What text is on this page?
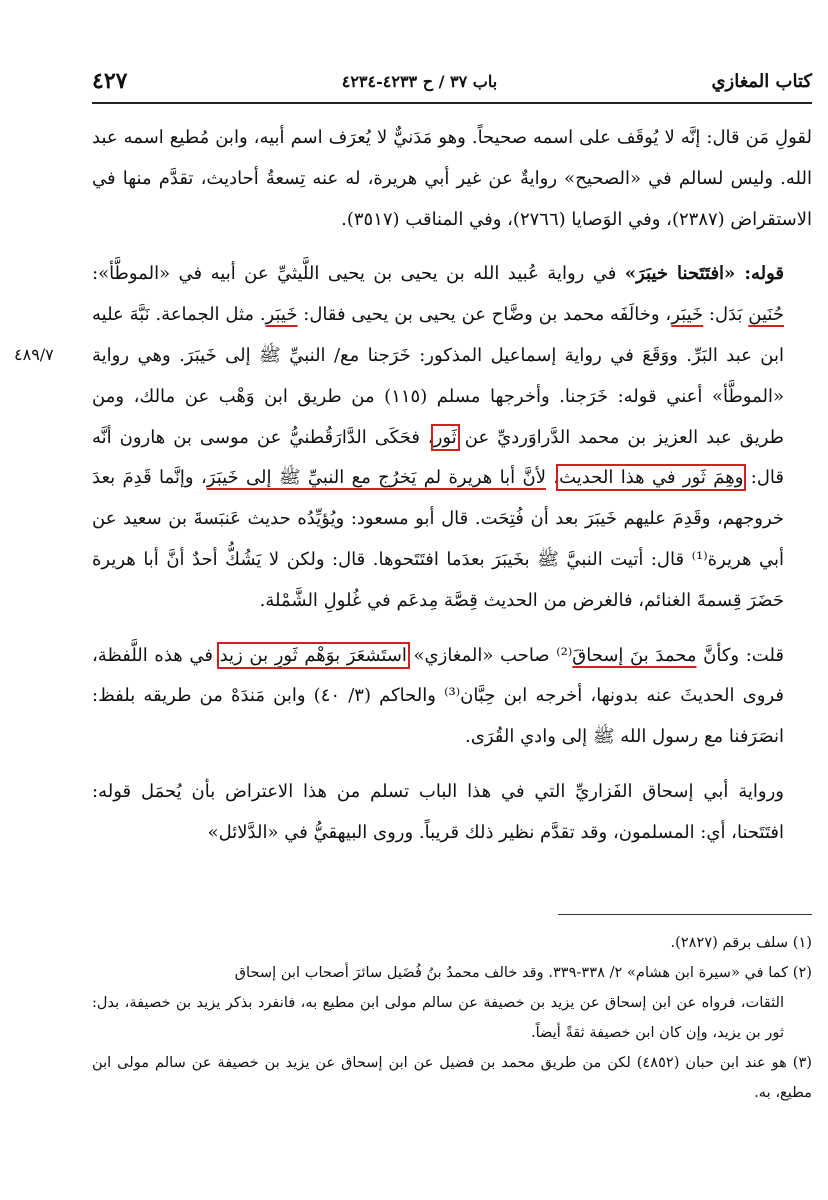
كتاب المغازي
باب ٣٧ / ح ٤٢٣٣-٤٢٣٤
٤٢٧
٤٨٩/٧

لقولِ مَن قال: إنَّه لا يُوقَف على اسمه صحيحاً. وهو مَدَنيٌّ لا يُعرَف اسم أبيه، وابن مُطيع اسمه عبد الله. وليس لسالم في «الصحيح» روايةٌ عن غير أبي هريرة، له عنه تِسعةُ أحاديث، تقدَّم منها في الاستقراض (٢٣٨٧)، وفي الوَصايا (٢٧٦٦)، وفي المناقب (٣٥١٧).

قوله: «افتَتَحنا خيبَرَ» في رواية عُبيد الله بن يحيى بن يحيى اللَّيثيِّ عن أبيه في «الموطَّأ»: حُنَين بَدَل: خَيبَر، وخالَفَه محمد بن وضَّاح عن يحيى بن يحيى فقال: خَيبَر. مثل الجماعة. نَبَّهَ عليه ابن عبد البَرِّ. ووَقَعَ في رواية إسماعيل المذكور: خَرَجنا مع/ النبيِّ ﷺ إلى خَيبَرَ. وهي رواية «الموطَّأ» أعني قوله: خَرَجنا. وأخرجها مسلم (١١٥) من طريق ابن وَهْب عن مالك، ومن طريق عبد العزيز بن محمد الدَّراوَرديِّ عن ثَور، فحَكَى الدَّارَقُطنيُّ عن موسى بن هارون أنَّه قال: وهِمَ ثَور في هذا الحديث، لأنَّ أبا هريرة لم يَخرُج مع النبيِّ ﷺ إلى خَيبَرَ، وإنَّما قَدِمَ بعدَ خروجهم، وقَدِمَ عليهم خَيبَرَ بعد أن فُتِحَت. قال أبو مسعود: ويُؤيِّدُه حديث عَنبَسةَ بن سعيد عن أبي هريرة⁽¹⁾ قال: أتيت النبيَّ ﷺ بخَيبَرَ بعدَما افتَتَحوها. قال: ولكن لا يَشُكُّ أحدٌ أنَّ أبا هريرة حَضَرَ قِسمةَ الغنائم، فالغرض من الحديث قِصَّة مِدعَم في غُلولِ الشَّمْلة.

قلت: وكأنَّ محمدَ بنَ إسحاقَ⁽²⁾ صاحب «المغازي» استَشعَرَ بوَهْمِ ثَورِ بن زيد في هذه اللَّفظة، فروى الحديثَ عنه بدونها، أخرجه ابن حِبَّان⁽³⁾ والحاكم (٣/ ٤٠) وابن مَندَهْ من طريقه بلفظ: انصَرَفنا مع رسول الله ﷺ إلى وادي القُرَى.

ورواية أبي إسحاق الفَزاريِّ التي في هذا الباب تسلم من هذا الاعتراض بأن يُحمَل قوله: افتَتَحنا، أي: المسلمون، وقد تقدَّم نظير ذلك قريباً. وروى البيهقيُّ في «الدَّلائل»

(١) سلف برقم (٢٨٢٧).

(٢) كما في «سيرة ابن هشام» ٢/ ٣٣٨-٣٣٩. وقد خالف محمدُ بنُ فُضَيل سائرَ أصحاب ابن إسحاق

الثقات، فرواه عن ابن إسحاق عن يزيد بن خصيفة عن سالم مولى ابن مطيع به، فانفرد بذكر يزيد بن خصيفة، بدل: ثور بن يزيد، وإن كان ابن خصيفة ثقةً أيضاً.

(٣) هو عند ابن حبان (٤٨٥٢) لكن من طريق محمد بن فضيل عن ابن إسحاق عن يزيد بن خصيفة عن سالم مولى ابن مطيع، به.
